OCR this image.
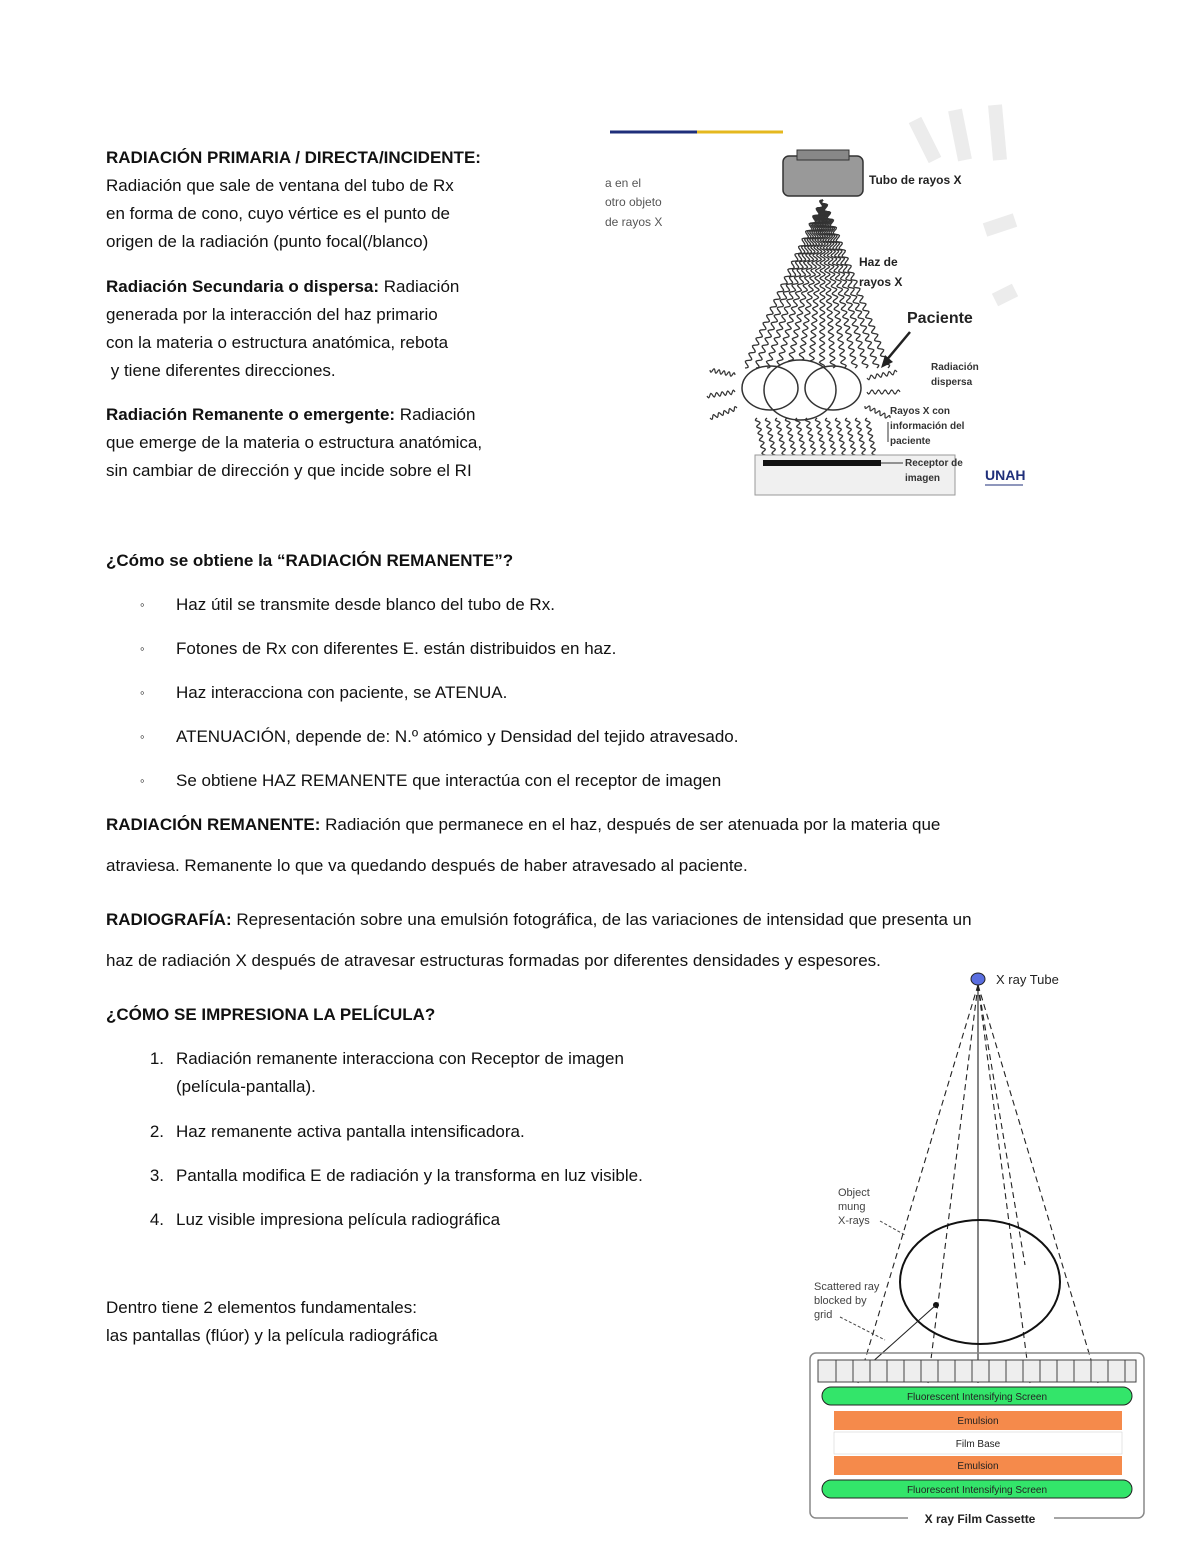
RADIACIÓN PRIMARIA / DIRECTA/INCIDENTE:
Radiación que sale de ventana del tubo de Rx
en forma de cono, cuyo vértice es el punto de
origen de la radiación (punto focal(/blanco)
Radiación Secundaria o dispersa: Radiación
generada por la interacción del haz primario
con la materia o estructura anatómica, rebota
y tiene diferentes direcciones.
Radiación Remanente o emergente: Radiación
que emerge de la materia o estructura anatómica,
sin cambiar de dirección y que incide sobre el RI
a en el
otro objeto
de rayos X
Tubo de rayos X
Haz de
rayos X
Paciente
Radiación
dispersa
Rayos X con
información del
paciente
Receptor de
imagen	UNAH
¿Cómo se obtiene la “RADIACIÓN REMANENTE”?
◦	Haz útil se transmite desde blanco del tubo de Rx.
◦	Fotones de Rx con diferentes E. están distribuidos en haz.
◦	Haz interacciona con paciente, se ATENUA.
◦	ATENUACIÓN, depende de: N.º atómico y Densidad del tejido atravesado.
◦	Se obtiene HAZ REMANENTE que interactúa con el receptor de imagen
RADIACIÓN REMANENTE: Radiación que permanece en el haz, después de ser atenuada por la materia que
atraviesa. Remanente lo que va quedando después de haber atravesado al paciente.
RADIOGRAFÍA: Representación sobre una emulsión fotográfica, de las variaciones de intensidad que presenta un
haz de radiación X después de atravesar estructuras formadas por diferentes densidades y espesores.
¿CÓMO SE IMPRESIONA LA PELÍCULA?
1. Radiación remanente interacciona con Receptor de imagen
(película-pantalla).
2. Haz remanente activa pantalla intensificadora.
3. Pantalla modifica E de radiación y la transforma en luz visible.
4. Luz visible impresiona película radiográfica
Dentro tiene 2 elementos fundamentales:
las pantallas (flúor) y la película radiográfica
X ray Tube
Object
mung
X-rays
Scattered ray
blocked by
grid
Fluorescent Intensifying Screen
Emulsion
Film Base
Emulsion
Fluorescent Intensifying Screen
X ray Film Cassette
